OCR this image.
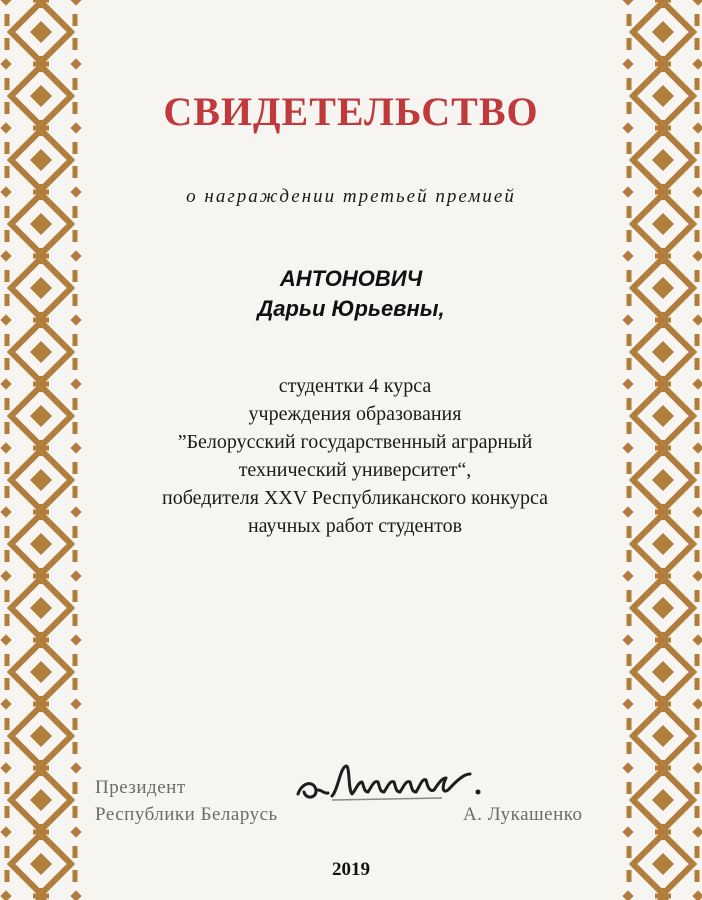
СВИДЕТЕЛЬСТВО
о награждении третьей премией
АНТОНОВИЧ
Дарьи Юрьевны,
студентки 4 курса
учреждения образования
”Белорусский государственный аграрный
технический университет“,
победителя XXV Республиканского конкурса
научных работ студентов
Президент
Республики Беларусь	А. Лукашенко
2019
